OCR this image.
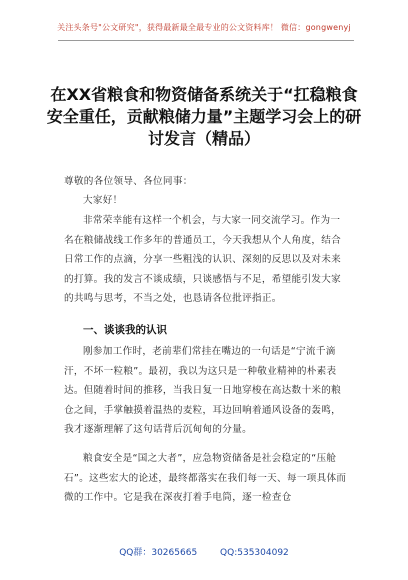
关注头条号"公文研究"，获得最新最全最专业的公文资料库！ 微信：gongwenyj
在XX省粮食和物资储备系统关于“扛稳粮食安全重任，贡献粮储力量”主题学习会上的研讨发言（精品）

尊敬的各位领导、各位同事：

大家好！

非常荣幸能有这样一个机会，与大家一同交流学习。作为一名在粮储战线工作多年的普通员工，今天我想从个人角度，结合日常工作的点滴，分享一些粗浅的认识、深刻的反思以及对未来的打算。我的发言不谈成绩，只谈感悟与不足，希望能引发大家的共鸣与思考，不当之处，也恳请各位批评指正。

一、谈谈我的认识

刚参加工作时，老前辈们常挂在嘴边的一句话是“宁流千滴汗，不坏一粒粮”。最初，我以为这只是一种敬业精神的朴素表达。但随着时间的推移，当我日复一日地穿梭在高达数十米的粮仓之间，手掌触摸着温热的麦粒，耳边回响着通风设备的轰鸣，我才逐渐理解了这句话背后沉甸甸的分量。

粮食安全是“国之大者”，应急物资储备是社会稳定的“压舱石”。这些宏大的论述，最终都落实在我们每一天、每一项具体而微的工作中。它是我在深夜打着手电筒，逐一检查仓

QQ群：30265665	QQ:535304092
